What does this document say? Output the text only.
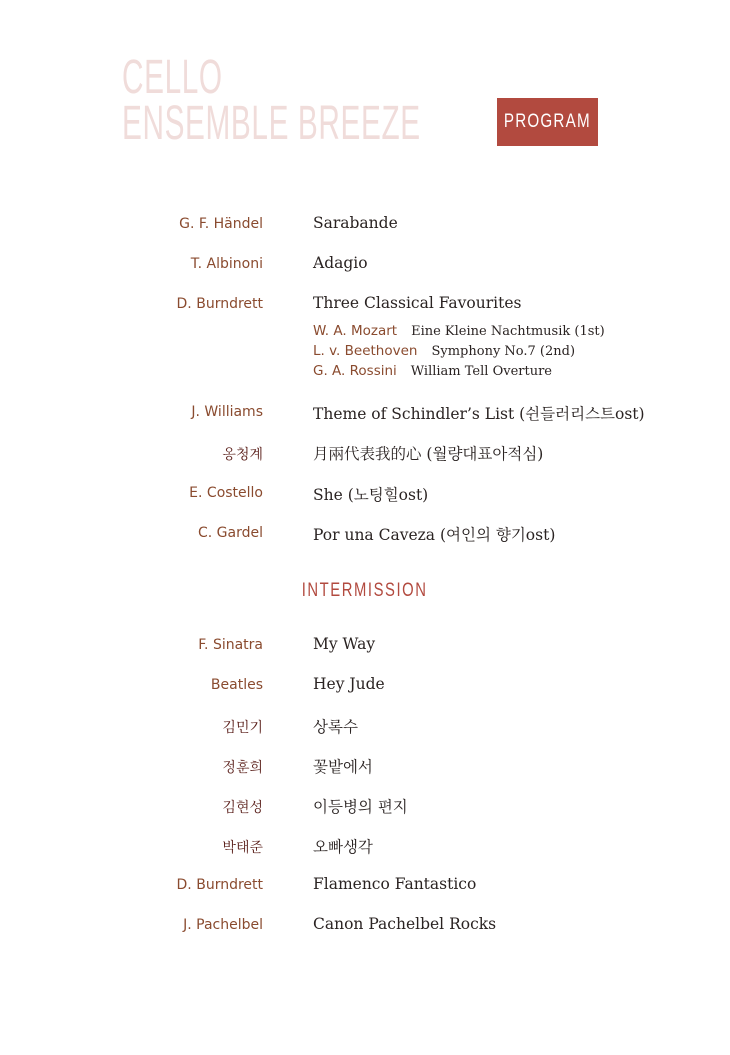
CELLO
ENSEMBLE BREEZE	PROGRAM
G. F. Händel	Sarabande
T. Albinoni	Adagio
D. Burndrett	Three Classical Favourites
W. A. Mozart Eine Kleine Nachtmusik (1st)
L. v. Beethoven Symphony No.7 (2nd)
G. A. Rossini William Tell Overture
J. Williams	Theme of Schindler’s List (쉰들러리스트ost)
옹청계	月兩代表我的心 (월량대표아적심)
E. Costello	She (노팅힐ost)
C. Gardel	Por una Caveza (여인의 향기ost)
INTERMISSION
F. Sinatra	My Way
Beatles	Hey Jude
김민기	상록수
정훈희	꽃밭에서
김현성	이등병의 편지
박태준	오빠생각
D. Burndrett	Flamenco Fantastico
J. Pachelbel	Canon Pachelbel Rocks
